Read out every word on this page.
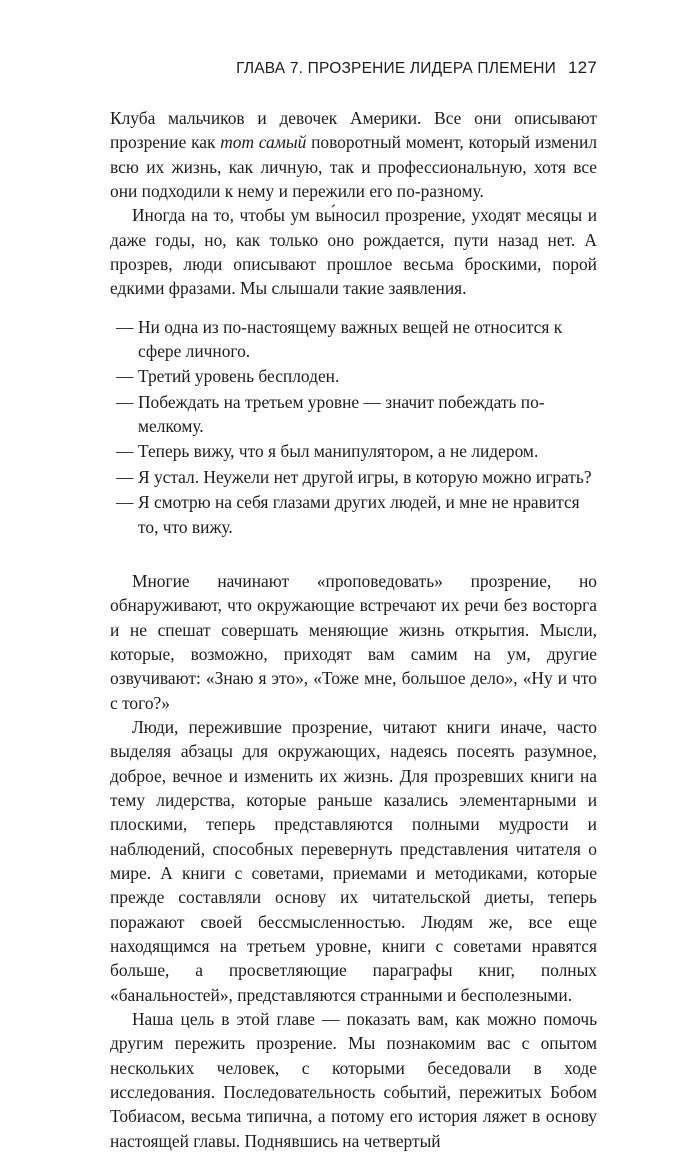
ГЛАВА 7. ПРОЗРЕНИЕ ЛИДЕРА ПЛЕМЕНИ 127

Клуба мальчиков и девочек Америки. Все они описывают прозрение как тот самый поворотный момент, который изменил всю их жизнь, как личную, так и профессиональную, хотя все они подходили к нему и пережили его по-разному.

Иногда на то, чтобы ум вы́носил прозрение, уходят месяцы и даже годы, но, как только оно рождается, пути назад нет. А прозрев, люди описывают прошлое весьма броскими, порой едкими фразами. Мы слышали такие заявления.

— Ни одна из по-настоящему важных вещей не относится к сфере личного.
— Третий уровень бесплоден.
— Побеждать на третьем уровне — значит побеждать по-мелкому.
— Теперь вижу, что я был манипулятором, а не лидером.
— Я устал. Неужели нет другой игры, в которую можно играть?
— Я смотрю на себя глазами других людей, и мне не нравится то, что вижу.

Многие начинают «проповедовать» прозрение, но обнаруживают, что окружающие встречают их речи без восторга и не спешат совершать меняющие жизнь открытия. Мысли, которые, возможно, приходят вам самим на ум, другие озвучивают: «Знаю я это», «Тоже мне, большое дело», «Ну и что с того?»

Люди, пережившие прозрение, читают книги иначе, часто выделяя абзацы для окружающих, надеясь посеять разумное, доброе, вечное и изменить их жизнь. Для прозревших книги на тему лидерства, которые раньше казались элементарными и плоскими, теперь представляются полными мудрости и наблюдений, способных перевернуть представления читателя о мире. А книги с советами, приемами и методиками, которые прежде составляли основу их читательской диеты, теперь поражают своей бессмысленностью. Людям же, все еще находящимся на третьем уровне, книги с советами нравятся больше, а просветляющие параграфы книг, полных «банальностей», представляются странными и бесполезными.

Наша цель в этой главе — показать вам, как можно помочь другим пережить прозрение. Мы познакомим вас с опытом нескольких человек, с которыми беседовали в ходе исследования. Последовательность событий, пережитых Бобом Тобиасом, весьма типична, а потому его история ляжет в основу настоящей главы. Поднявшись на четвертый
